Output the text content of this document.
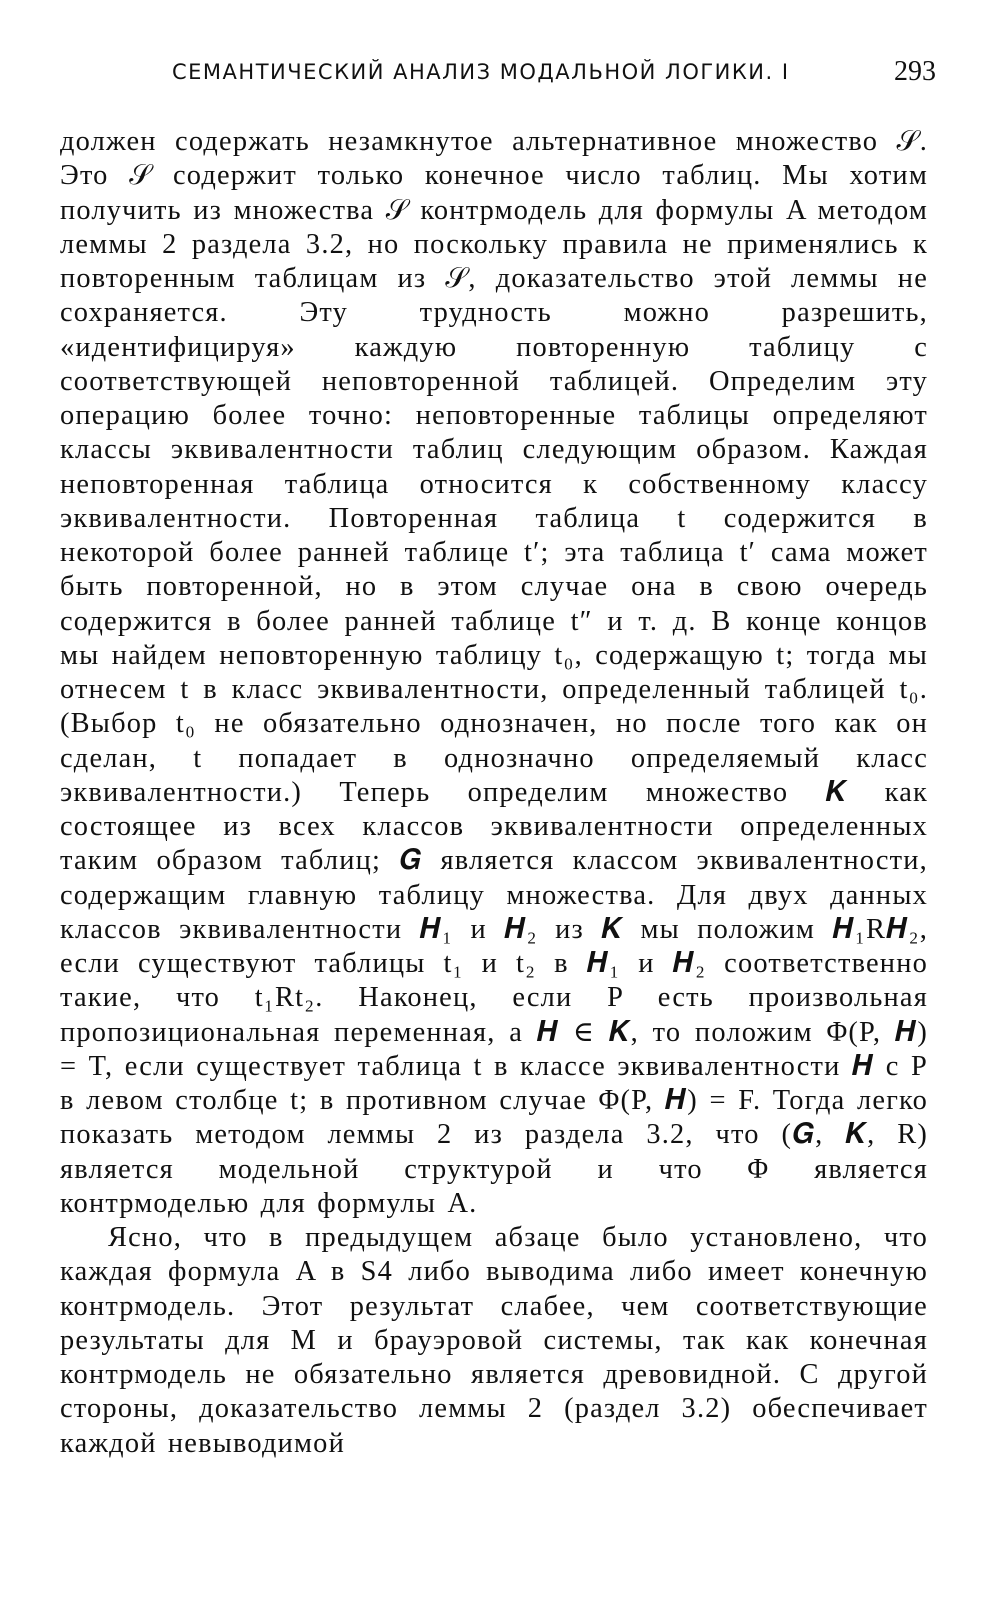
СЕМАНТИЧЕСКИЙ АНАЛИЗ МОДАЛЬНОЙ ЛОГИКИ. I	293

должен содержать незамкнутое альтернативное множество 𝒮. Это 𝒮 содержит только конечное число таблиц. Мы хотим получить из множества 𝒮 контрмодель для формулы A методом леммы 2 раздела 3.2, но поскольку правила не применялись к повторенным таблицам из 𝒮, доказательство этой леммы не сохраняется. Эту трудность можно разрешить, «идентифицируя» каждую повторенную таблицу с соответствующей неповторенной таблицей. Определим эту операцию более точно: неповторенные таблицы определяют классы эквивалентности таблиц следующим образом. Каждая неповторенная таблица относится к собственному классу эквивалентности. Повторенная таблица t содержится в некоторой более ранней таблице t′; эта таблица t′ сама может быть повторенной, но в этом случае она в свою очередь содержится в более ранней таблице t″ и т. д. В конце концов мы найдем неповторенную таблицу t₀, содержащую t; тогда мы отнесем t в класс эквивалентности, определенный таблицей t₀. (Выбор t₀ не обязательно однозначен, но после того как он сделан, t попадает в однозначно определяемый класс эквивалентности.) Теперь определим множество 𝑲 как состоящее из всех классов эквивалентности определенных таким образом таблиц; 𝑮 является классом эквивалентности, содержащим главную таблицу множества. Для двух данных классов эквивалентности 𝑯₁ и 𝑯₂ из 𝑲 мы положим 𝑯₁R𝑯₂, если существуют таблицы t₁ и t₂ в 𝑯₁ и 𝑯₂ соответственно такие, что t₁Rt₂. Наконец, если P есть произвольная пропозициональная переменная, а 𝑯 ∈ 𝑲, то положим Φ(P, 𝑯) = T, если существует таблица t в классе эквивалентности 𝑯 с P в левом столбце t; в противном случае Φ(P, 𝑯) = F. Тогда легко показать методом леммы 2 из раздела 3.2, что (𝑮, 𝑲, R) является модельной структурой и что Φ является контрмоделью для формулы A.

Ясно, что в предыдущем абзаце было установлено, что каждая формула A в S4 либо выводима либо имеет конечную контрмодель. Этот результат слабее, чем соответствующие результаты для M и брауэровой системы, так как конечная контрмодель не обязательно является древовидной. С другой стороны, доказательство леммы 2 (раздел 3.2) обеспечивает каждой невыводимой
